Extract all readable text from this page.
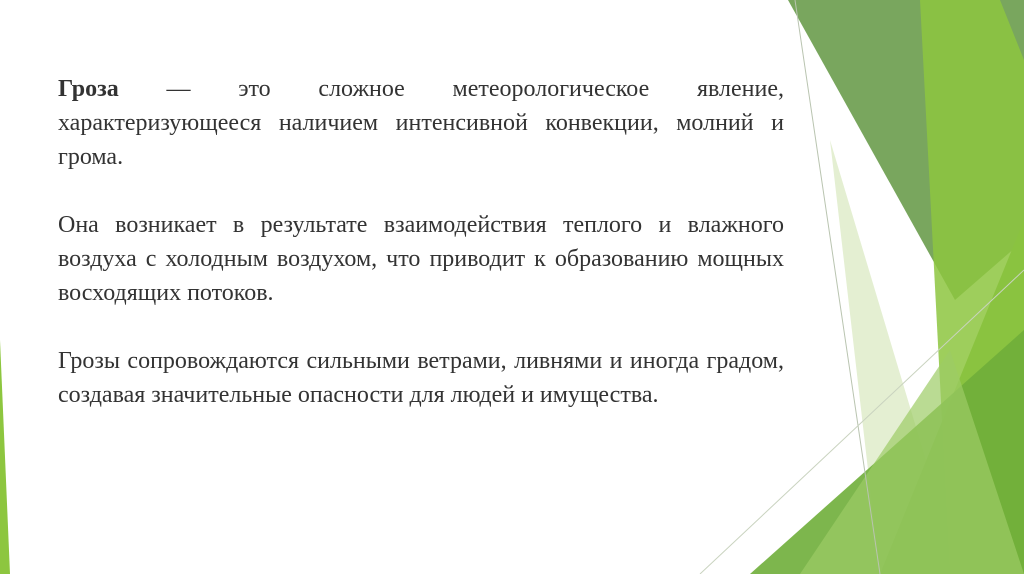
Гроза — это сложное метеорологическое явление, характеризующееся наличием интенсивной конвекции, молний и грома.

Она возникает в результате взаимодействия теплого и влажного воздуха с холодным воздухом, что приводит к образованию мощных восходящих потоков.

Грозы сопровождаются сильными ветрами, ливнями и иногда градом, создавая значительные опасности для людей и имущества.
